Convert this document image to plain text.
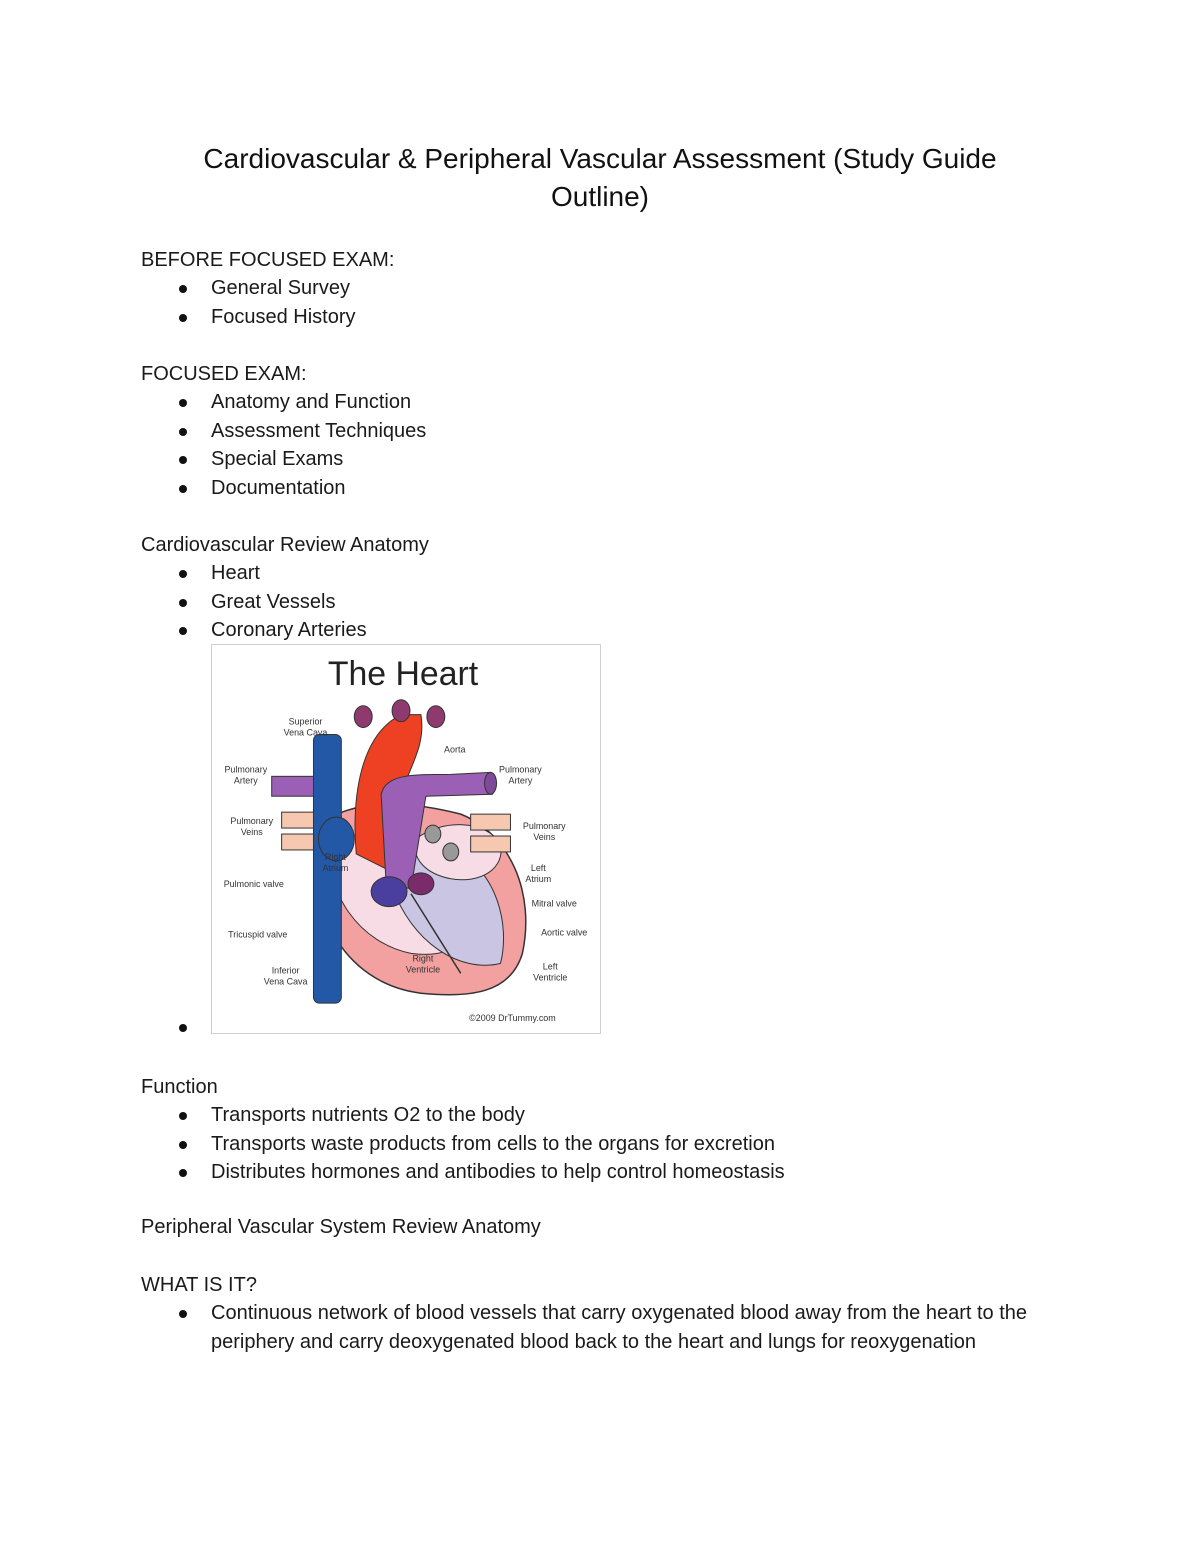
Cardiovascular & Peripheral Vascular Assessment (Study Guide Outline)

BEFORE FOCUSED EXAM:

General Survey
Focused History

FOCUSED EXAM:

Anatomy and Function
Assessment Techniques
Special Exams
Documentation

Cardiovascular Review Anatomy

Heart
Great Vessels
Coronary Arteries
The Heart
Superior
Vena Cava
Aorta
Pulmonary
Artery
Pulmonary
Artery
Pulmonary
Veins
Pulmonary
Veins
Right
Atrium	Left
Atrium
Pulmonic valve
Mitral valve
Tricuspid valve	Aortic valve
Inferior
Vena Cava
Right
Ventricle	Left
Ventricle
©2009 DrTummy.com

Function

Transports nutrients O2 to the body
Transports waste products from cells to the organs for excretion
Distributes hormones and antibodies to help control homeostasis

Peripheral Vascular System Review Anatomy

WHAT IS IT?

Continuous network of blood vessels that carry oxygenated blood away from the heart to the periphery and carry deoxygenated blood back to the heart and lungs for reoxygenation
